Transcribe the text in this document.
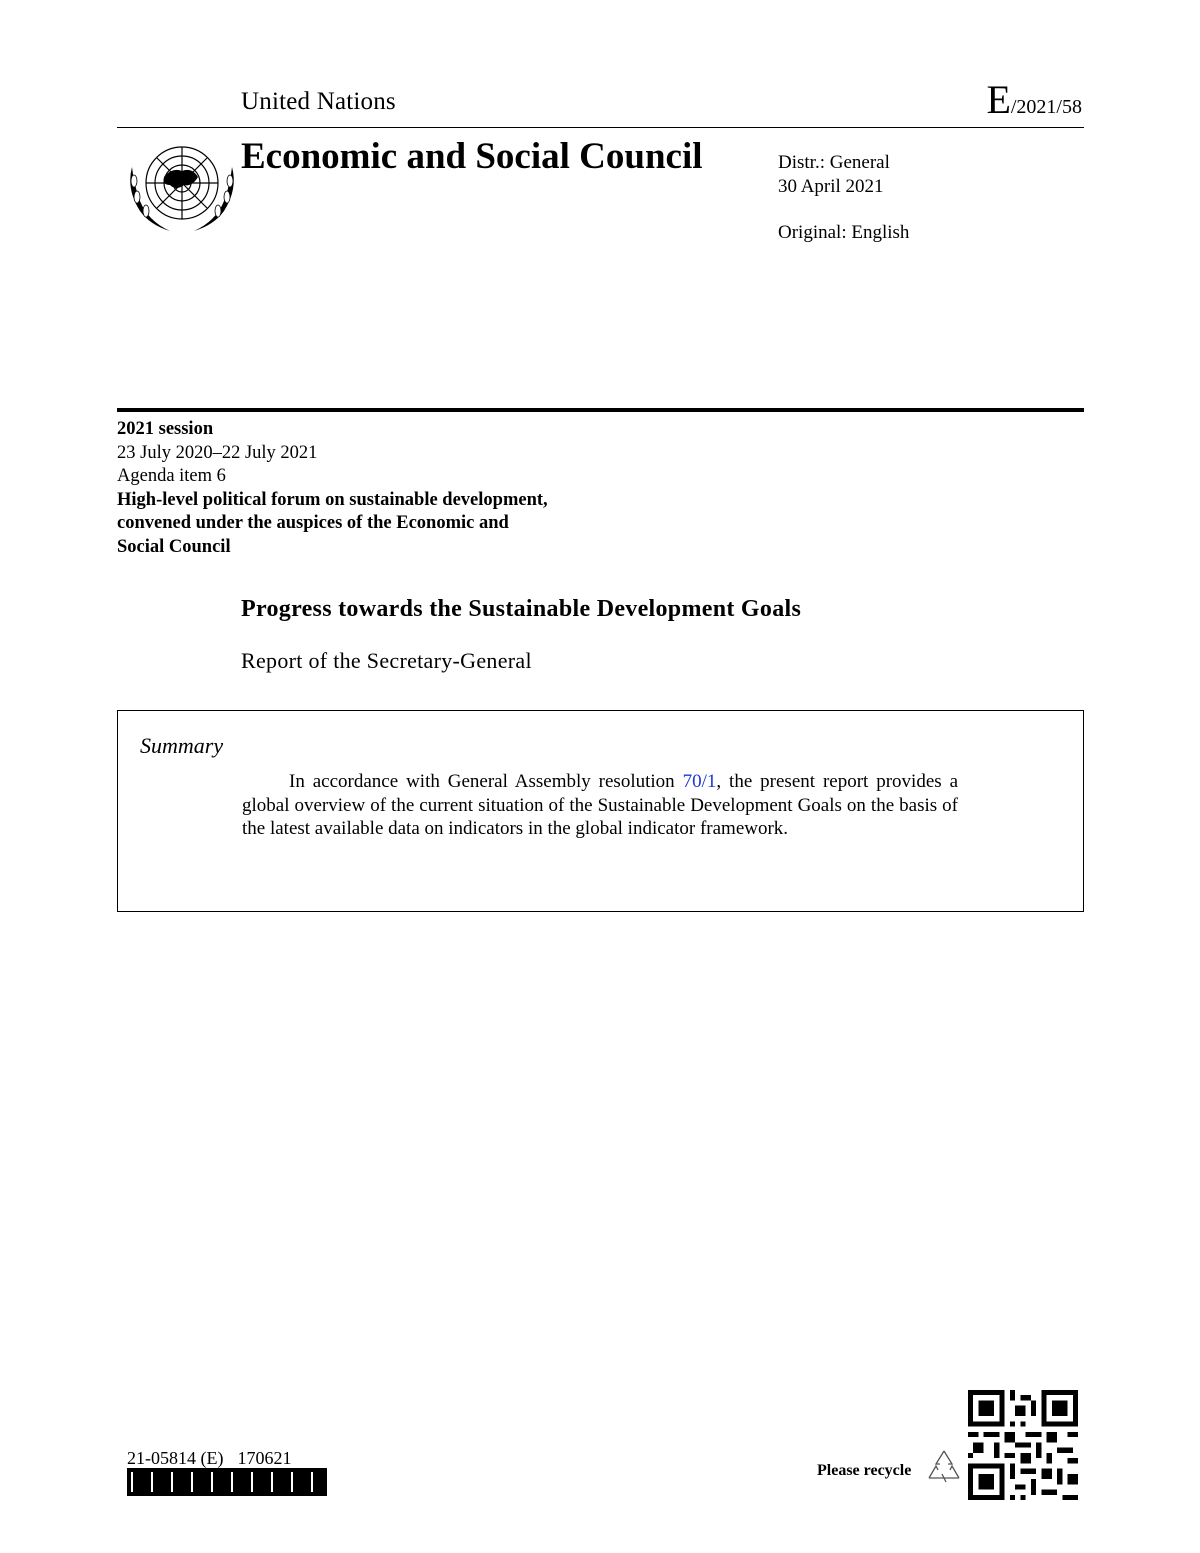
United Nations	E/2021/58
Economic and Social Council	Distr.: General
30 April 2021
Original: English
2021 session
23 July 2020–22 July 2021
Agenda item 6
High-level political forum on sustainable development,
convened under the auspices of the Economic and
Social Council
Progress towards the Sustainable Development Goals
Report of the Secretary-General
Summary
In accordance with General Assembly resolution 70/1, the present report provides a global overview of the current situation of the Sustainable Development Goals on the basis of the latest available data on indicators in the global indicator framework.
21-05814 (E) 170621
Please recycle
